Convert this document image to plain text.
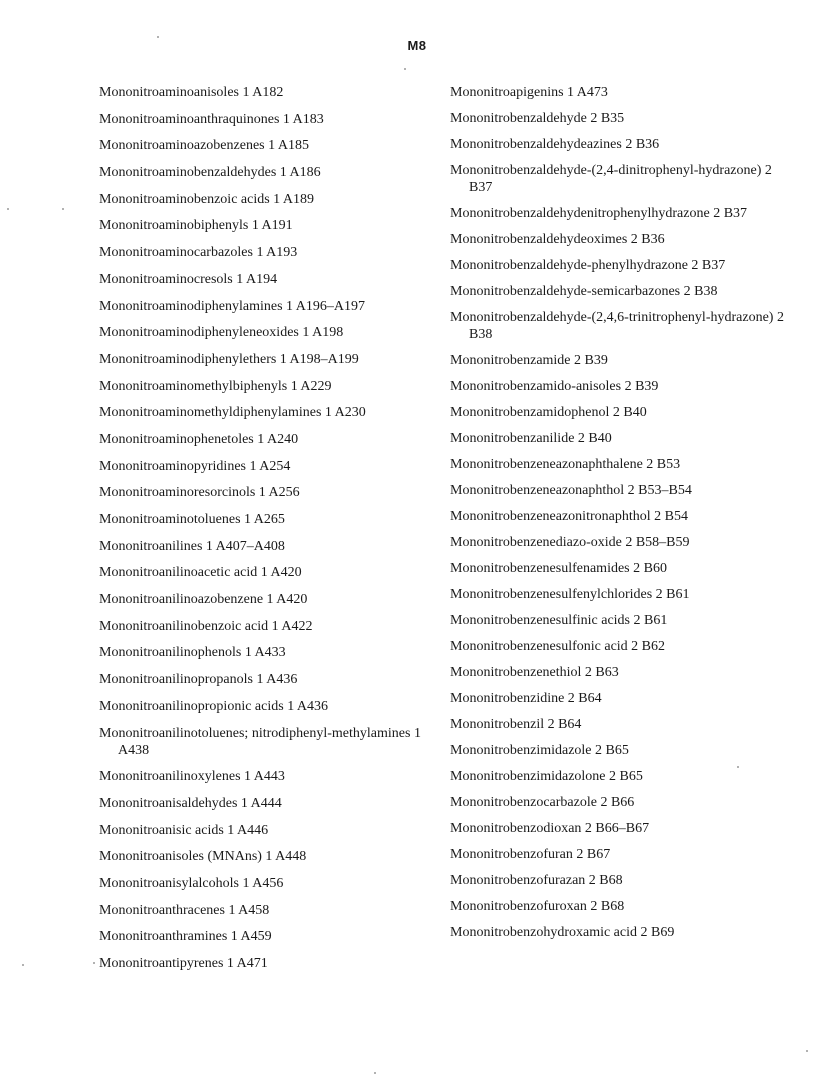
M8
Mononitroaminoanisoles 1 A182
Mononitroaminoanthraquinones 1 A183
Mononitroaminoazobenzenes 1 A185
Mononitroaminobenzaldehydes 1 A186
Mononitroaminobenzoic acids 1 A189
Mononitroaminobiphenyls 1 A191
Mononitroaminocarbazoles 1 A193
Mononitroaminocresols 1 A194
Mononitroaminodiphenylamines 1 A196–A197
Mononitroaminodiphenyleneoxides 1 A198
Mononitroaminodiphenylethers 1 A198–A199
Mononitroaminomethylbiphenyls 1 A229
Mononitroaminomethyldiphenylamines 1 A230
Mononitroaminophenetoles 1 A240
Mononitroaminopyridines 1 A254
Mononitroaminoresorcinols 1 A256
Mononitroaminotoluenes 1 A265
Mononitroanilines 1 A407–A408
Mononitroanilinoacetic acid 1 A420
Mononitroanilinoazobenzene 1 A420
Mononitroanilinobenzoic acid 1 A422
Mononitroanilinophenols 1 A433
Mononitroanilinopropanols 1 A436
Mononitroanilinopropionic acids 1 A436
Mononitroanilinotoluenes; nitrodiphenyl-methylamines 1 A438
Mononitroanilinoxylenes 1 A443
Mononitroanisaldehydes 1 A444
Mononitroanisic acids 1 A446
Mononitroanisoles (MNAns) 1 A448
Mononitroanisylalcohols 1 A456
Mononitroanthracenes 1 A458
Mononitroanthramines 1 A459
Mononitroantipyrenes 1 A471
Mononitroapigenins 1 A473
Mononitrobenzaldehyde 2 B35
Mononitrobenzaldehydeazines 2 B36
Mononitrobenzaldehyde-(2,4-dinitrophenyl-hydrazone) 2 B37
Mononitrobenzaldehydenitrophenylhydrazone 2 B37
Mononitrobenzaldehydeoximes 2 B36
Mononitrobenzaldehyde-phenylhydrazone 2 B37
Mononitrobenzaldehyde-semicarbazones 2 B38
Mononitrobenzaldehyde-(2,4,6-trinitrophenyl-hydrazone) 2 B38
Mononitrobenzamide 2 B39
Mononitrobenzamido-anisoles 2 B39
Mononitrobenzamidophenol 2 B40
Mononitrobenzanilide 2 B40
Mononitrobenzeneazonaphthalene 2 B53
Mononitrobenzeneazonaphthol 2 B53–B54
Mononitrobenzeneazonitronaphthol 2 B54
Mononitrobenzenediazo-oxide 2 B58–B59
Mononitrobenzenesulfenamides 2 B60
Mononitrobenzenesulfenylchlorides 2 B61
Mononitrobenzenesulfinic acids 2 B61
Mononitrobenzenesulfonic acid 2 B62
Mononitrobenzenethiol 2 B63
Mononitrobenzidine 2 B64
Mononitrobenzil 2 B64
Mononitrobenzimidazole 2 B65
Mononitrobenzimidazolone 2 B65
Mononitrobenzocarbazole 2 B66
Mononitrobenzodioxan 2 B66–B67
Mononitrobenzofuran 2 B67
Mononitrobenzofurazan 2 B68
Mononitrobenzofuroxan 2 B68
Mononitrobenzohydroxamic acid 2 B69
